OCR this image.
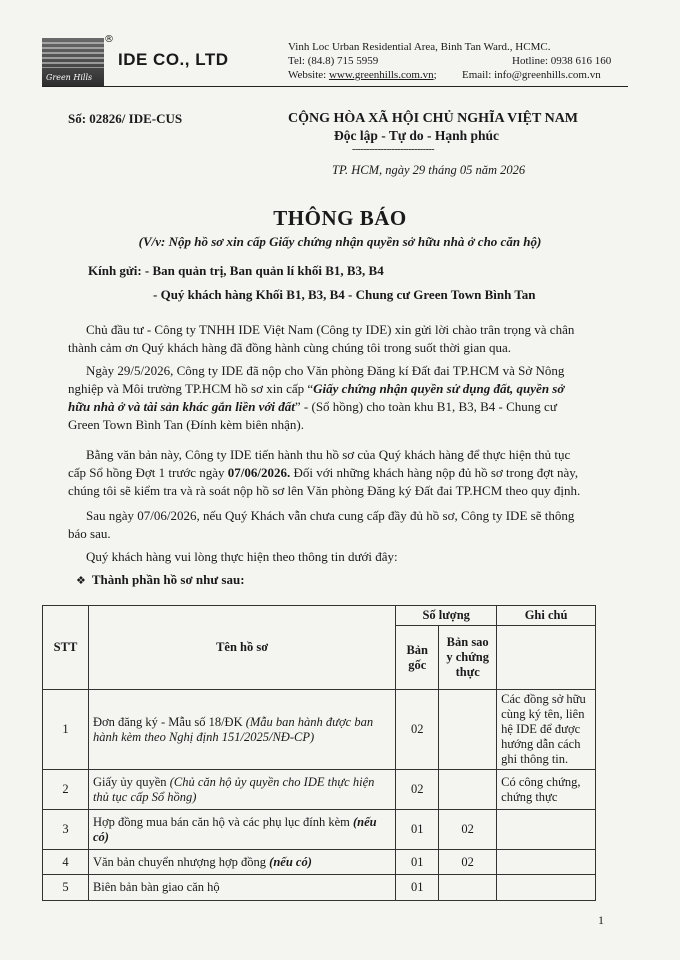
Green Hills
®
IDE CO., LTD
Vinh Loc Urban Residential Area, Binh Tan Ward., HCMC.
Tel: (84.8) 715 5959	Hotline: 0938 616 160
Website: www.greenhills.com.vn; Email: info@greenhills.com.vn
Số: 02826/ IDE-CUS	CỘNG HÒA XÃ HỘI CHỦ NGHĨA VIỆT NAM
Độc lập - Tự do - Hạnh phúc
-----------------------------
TP. HCM, ngày 29 tháng 05 năm 2026
THÔNG BÁO
(V/v: Nộp hồ sơ xin cấp Giấy chứng nhận quyền sở hữu nhà ở cho căn hộ)
Kính gửi: - Ban quản trị, Ban quản lí khối B1, B3, B4
- Quý khách hàng Khối B1, B3, B4 - Chung cư Green Town Bình Tan
Chủ đầu tư - Công ty TNHH IDE Việt Nam (Công ty IDE) xin gửi lời chào trân trọng và chân
thành cảm ơn Quý khách hàng đã đồng hành cùng chúng tôi trong suốt thời gian qua.
Ngày 29/5/2026, Công ty IDE đã nộp cho Văn phòng Đăng kí Đất đai TP.HCM và Sở Nông
nghiệp và Môi trường TP.HCM hồ sơ xin cấp “Giấy chứng nhận quyền sử dụng đất, quyền sở
hữu nhà ở và tài sản khác gắn liền với đất” - (Sổ hồng) cho toàn khu B1, B3, B4 - Chung cư
Green Town Bình Tan (Đính kèm biên nhận).
Bằng văn bản này, Công ty IDE tiến hành thu hồ sơ của Quý khách hàng để thực hiện thủ tục
cấp Sổ hồng Đợt 1 trước ngày 07/06/2026. Đối với những khách hàng nộp đủ hồ sơ trong đợt này,
chúng tôi sẽ kiểm tra và rà soát nộp hồ sơ lên Văn phòng Đăng ký Đất đai TP.HCM theo quy định.
Sau ngày 07/06/2026, nếu Quý Khách vẫn chưa cung cấp đầy đủ hồ sơ, Công ty IDE sẽ thông
báo sau.
Quý khách hàng vui lòng thực hiện theo thông tin dưới đây:
❖ Thành phần hồ sơ như sau:
STT	Tên hồ sơ	Số lượng		Ghi chú
		Bản gốc	Bản sao y chứng thực	
1	Đơn đăng ký - Mẫu số 18/ĐK (Mẫu ban hành được ban hành kèm theo Nghị định 151/2025/NĐ-CP)	02		Các đồng sở hữu cùng ký tên, liên hệ IDE để được hướng dẫn cách ghi thông tin.
2	Giấy ủy quyền (Chủ căn hộ ủy quyền cho IDE thực hiện thủ tục cấp Sổ hồng)	02		Có công chứng, chứng thực
3	Hợp đồng mua bán căn hộ và các phụ lục đính kèm (nếu có)	01	02	
4	Văn bản chuyển nhượng hợp đồng (nếu có)	01	02	
5	Biên bản bàn giao căn hộ	01		
1
